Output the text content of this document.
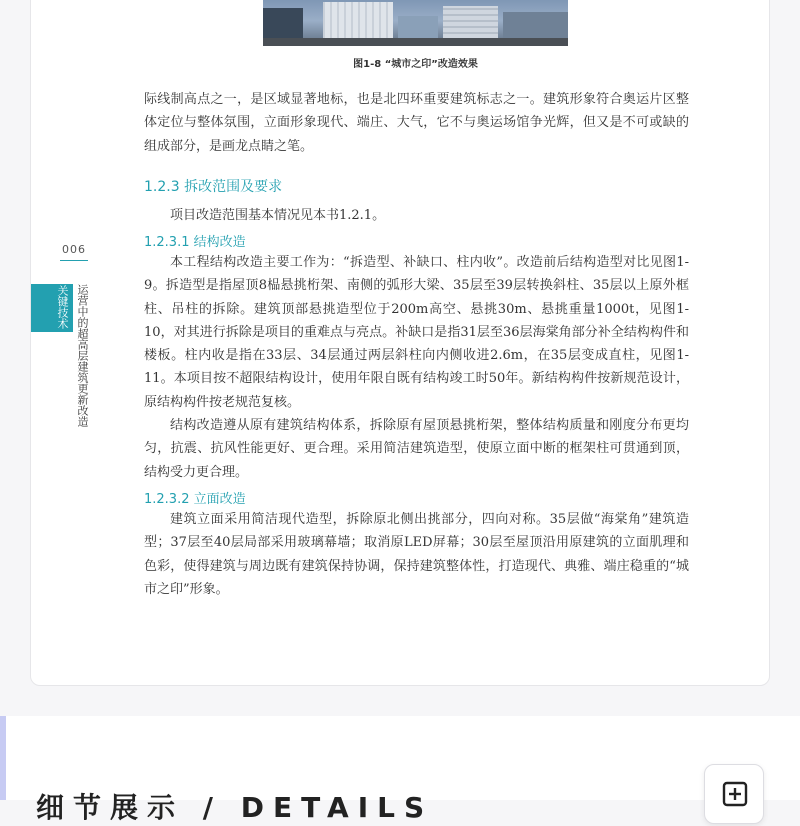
图1-8 “城市之印”改造效果

际线制高点之一，是区域显著地标，也是北四环重要建筑标志之一。建筑形象符合奥运片区整体定位与整体氛围，立面形象现代、端庄、大气，它不与奥运场馆争光辉，但又是不可或缺的组成部分，是画龙点睛之笔。

1.2.3 拆改范围及要求

项目改造范围基本情况见本书1.2.1。

1.2.3.1 结构改造

本工程结构改造主要工作为：“拆造型、补缺口、柱内收”。改造前后结构造型对比见图1-9。拆造型是指屋顶8榀悬挑桁架、南侧的弧形大梁、35层至39层转换斜柱、35层以上原外框柱、吊柱的拆除。建筑顶部悬挑造型位于200m高空、悬挑30m、悬挑重量1000t，见图1-10，对其进行拆除是项目的重难点与亮点。补缺口是指31层至36层海棠角部分补全结构构件和楼板。柱内收是指在33层、34层通过两层斜柱向内侧收进2.6m，在35层变成直柱，见图1-11。本项目按不超限结构设计，使用年限自既有结构竣工时50年。新结构构件按新规范设计，原结构构件按老规范复核。

结构改造遵从原有建筑结构体系，拆除原有屋顶悬挑桁架，整体结构质量和刚度分布更均匀，抗震、抗风性能更好、更合理。采用简洁建筑造型，使原立面中断的框架柱可贯通到顶，结构受力更合理。

1.2.3.2 立面改造

建筑立面采用简洁现代造型，拆除原北侧出挑部分，四向对称。35层做“海棠角”建筑造型；37层至40层局部采用玻璃幕墙；取消原LED屏幕；30层至屋顶沿用原建筑的立面肌理和色彩，使得建筑与周边既有建筑保持协调，保持建筑整体性，打造现代、典雅、端庄稳重的“城市之印”形象。

006
关键技术 运营中的超高层建筑更新改造
细节展示 / DETAILS
